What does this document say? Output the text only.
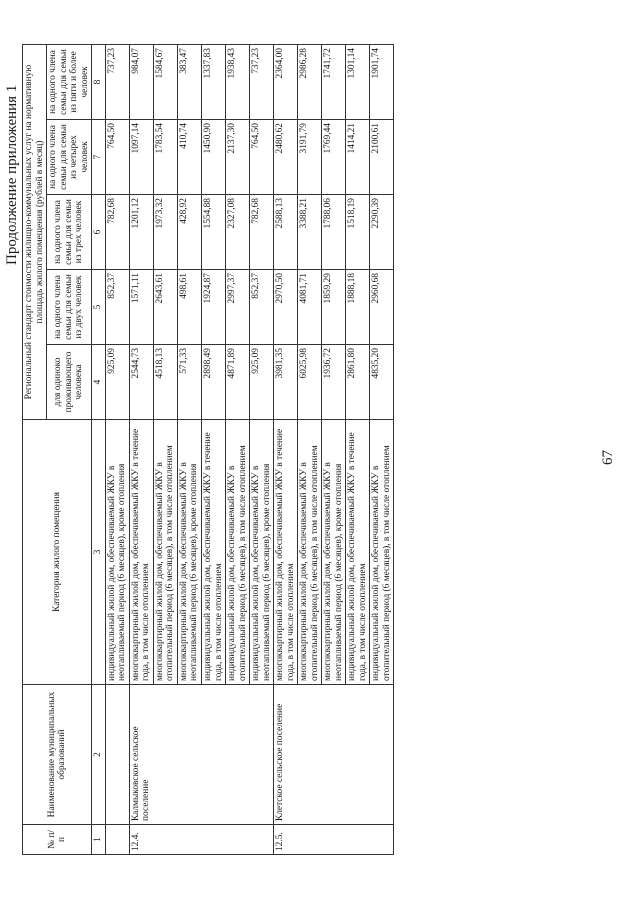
67
Продолжение приложения 1
№ п/п	Наименование муниципальных образований	Категория жилого помещения	Региональный стандарт стоимости жилищно-коммунальных услуг на нормативную площадь жилого помещения (рублей в месяц)				
			для одиноко проживающего человека	на одного члена семьи для семьи из двух человек	на одного члена семьи для семьи из трех человек	на одного члена семьи для семьи из четырех человек	на одного члена семьи для семьи из пяти и более человек
1	2	3	4	5	6	7	8
		индивидуальный жилой дом, обеспечиваемый ЖКУ в неотапливаемый период (6 месяцев), кроме отопления	925,09	852,37	782,68	764,50	737,23
12.4.	Калмыковское сельское поселение	многоквартирный жилой дом, обеспечиваемый ЖКУ в течение года, в том числе отоплением	2544,73	1571,11	1201,12	1097,14	984,07
		многоквартирный жилой дом, обеспечиваемый ЖКУ в отопительный период (6 месяцев), в том числе отоплением	4518,13	2643,61	1973,32	1783,54	1584,67
		многоквартирный жилой дом, обеспечиваемый ЖКУ в неотапливаемый период (6 месяцев), кроме отопления	571,33	498,61	428,92	410,74	383,47
		индивидуальный жилой дом, обеспечиваемый ЖКУ в течение года, в том числе отоплением	2898,49	1924,87	1554,88	1450,90	1337,83
		индивидуальный жилой дом, обеспечиваемый ЖКУ в отопительный период (6 месяцев), в том числе отоплением	4871,89	2997,37	2327,08	2137,30	1938,43
		индивидуальный жилой дом, обеспечиваемый ЖКУ в неотапливаемый период (6 месяцев), кроме отопления	925,09	852,37	782,68	764,50	737,23
12.5.	Клетское сельское поселение	многоквартирный жилой дом, обеспечиваемый ЖКУ в течение года, в том числе отоплением	3981,35	2970,50	2588,13	2480,62	2364,00
		многоквартирный жилой дом, обеспечиваемый ЖКУ в отопительный период (6 месяцев), в том числе отоплением	6025,98	4081,71	3388,21	3191,79	2986,28
		многоквартирный жилой дом, обеспечиваемый ЖКУ в неотапливаемый период (6 месяцев), кроме отопления	1936,72	1859,29	1788,06	1769,44	1741,72
		индивидуальный жилой дом, обеспечиваемый ЖКУ в течение года, в том числе отоплением	2861,80	1888,18	1518,19	1414,21	1301,14
		индивидуальный жилой дом, обеспечиваемый ЖКУ в отопительный период (6 месяцев), в том числе отоплением	4835,20	2960,68	2290,39	2100,61	1901,74
